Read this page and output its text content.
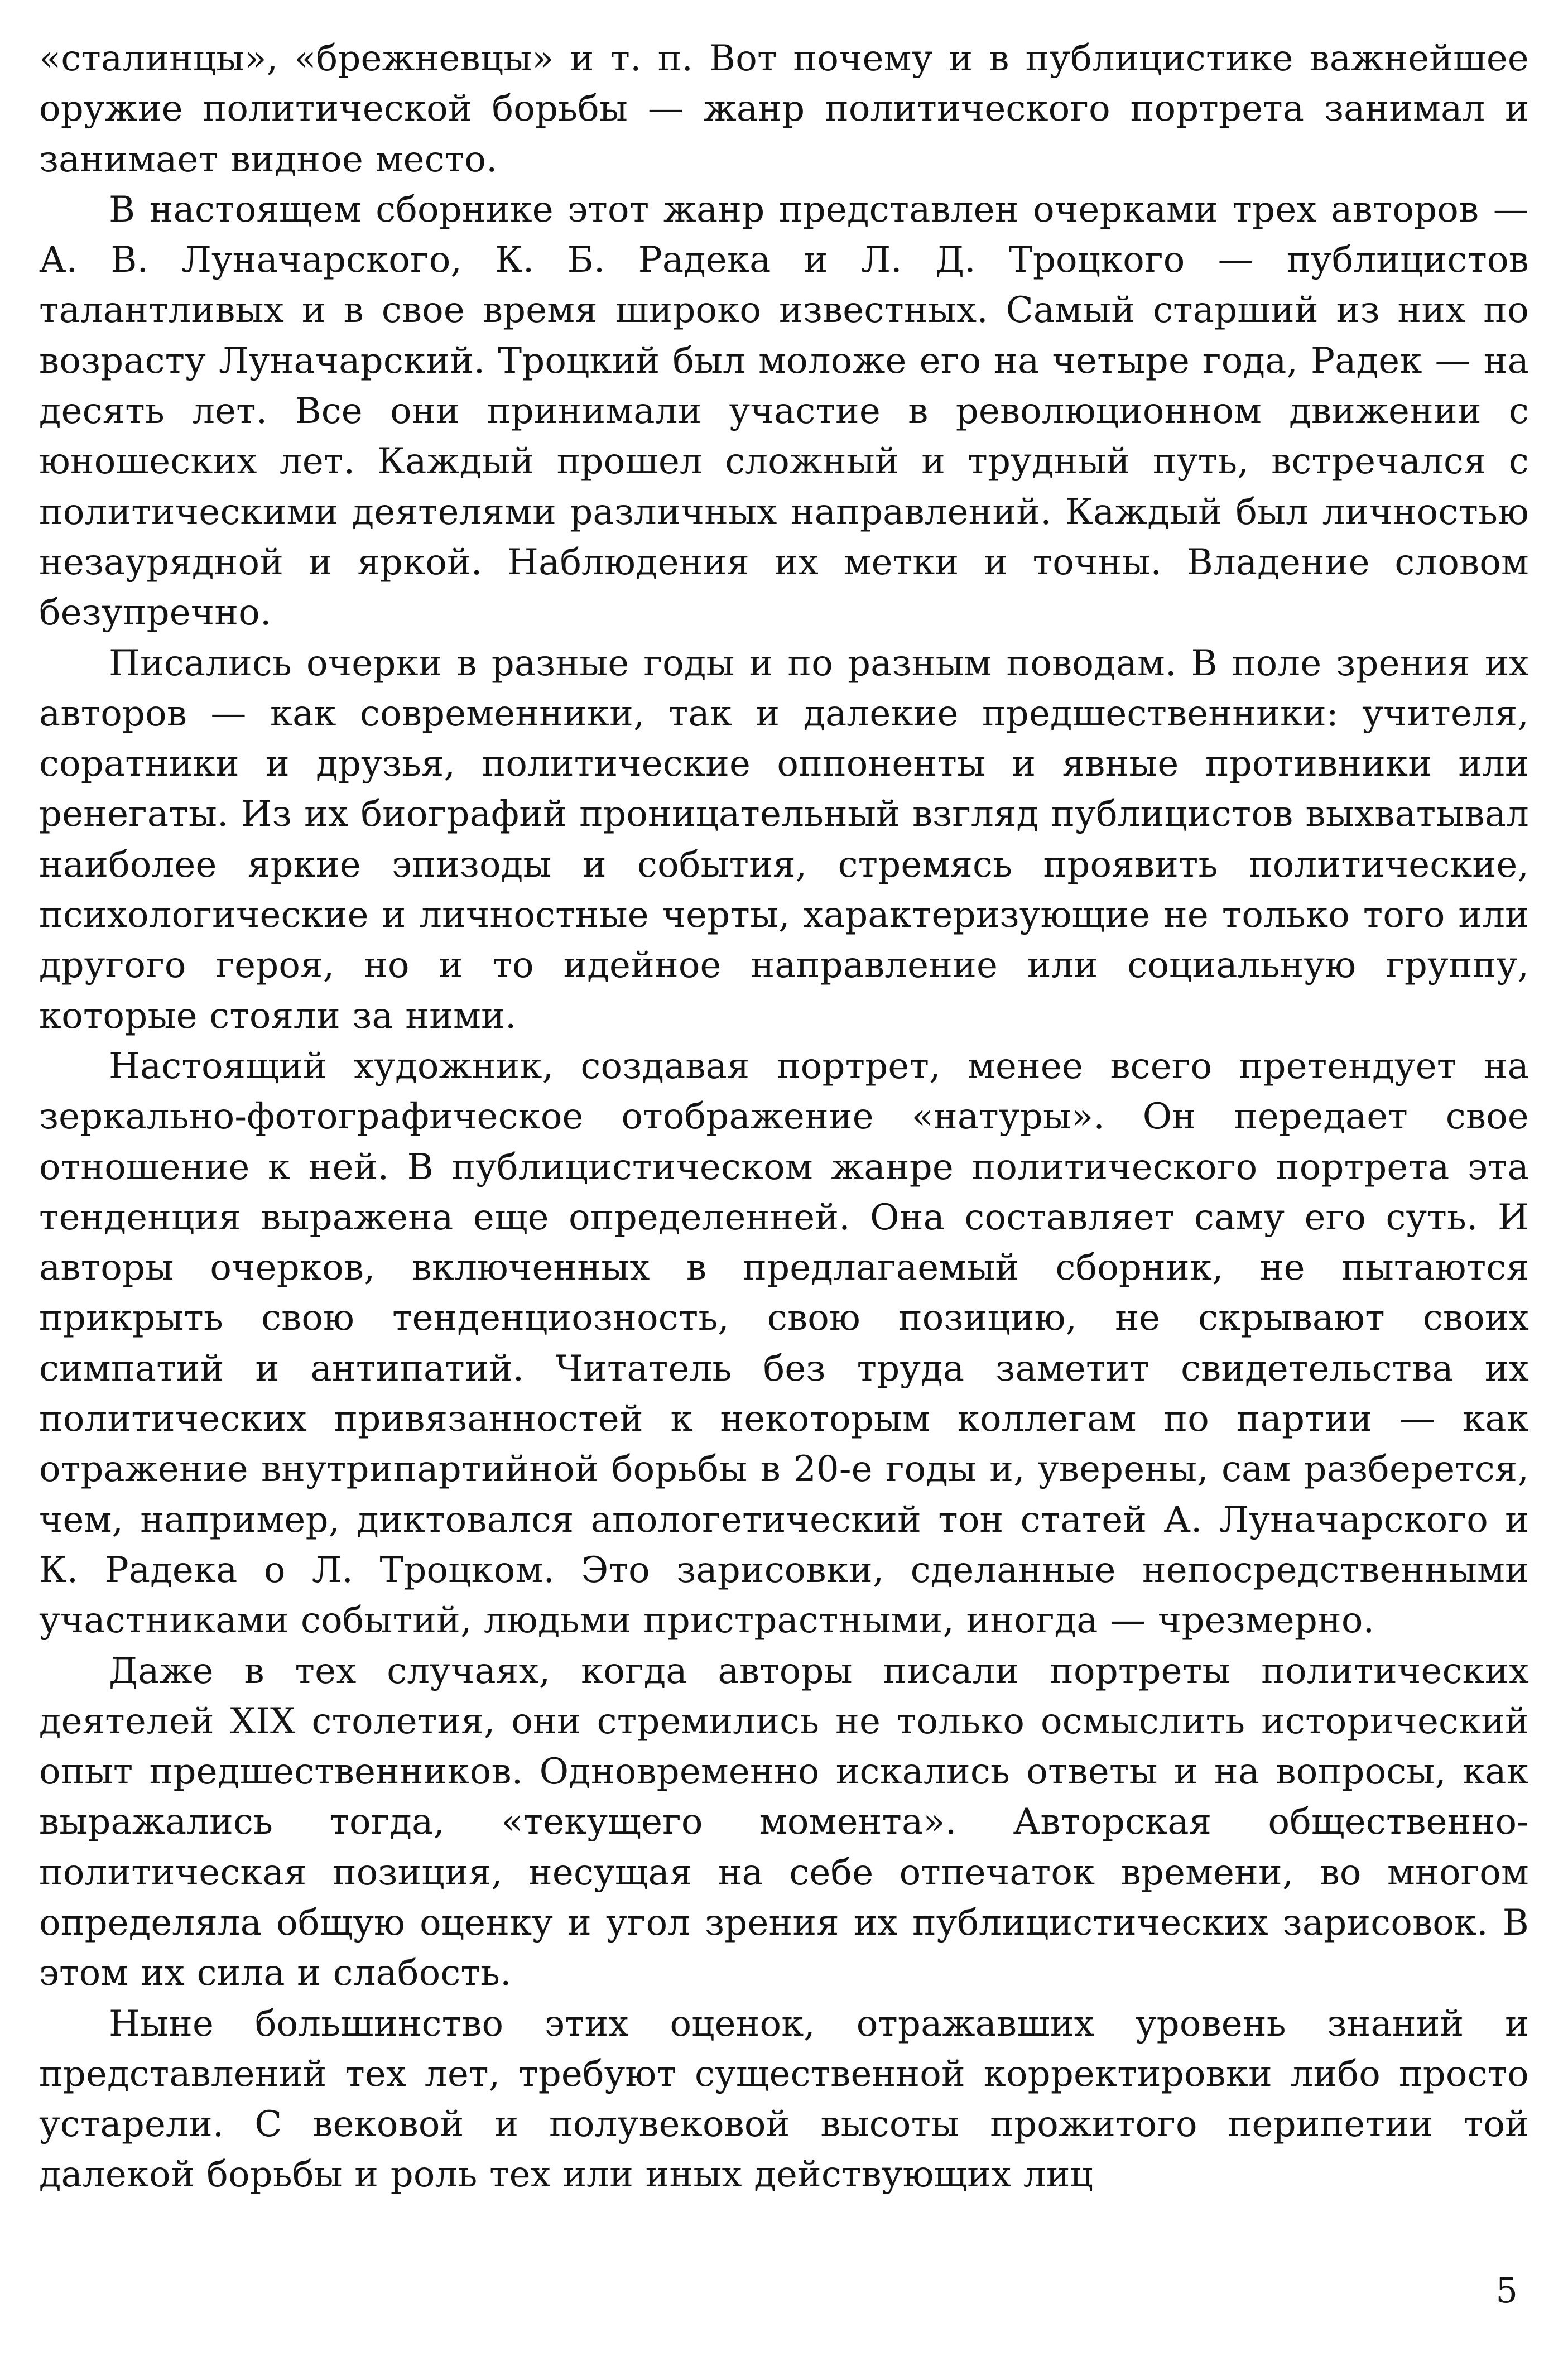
«сталинцы», «брежневцы» и т. п. Вот почему и в публицистике важнейшее оружие политической борьбы — жанр политического портрета занимал и занимает видное место.

В настоящем сборнике этот жанр представлен очерками трех авторов — А. В. Луначарского, К. Б. Радека и Л. Д. Троцкого — публицистов талантливых и в свое время широко известных. Самый старший из них по возрасту Луначарский. Троцкий был моложе его на четыре года, Радек — на десять лет. Все они принимали участие в революционном движении с юношеских лет. Каждый прошел сложный и трудный путь, встречался с политическими деятелями различных направлений. Каждый был личностью незаурядной и яркой. Наблюдения их метки и точны. Владение словом безупречно.

Писались очерки в разные годы и по разным поводам. В поле зрения их авторов — как современники, так и далекие предшественники: учителя, соратники и друзья, политические оппоненты и явные противники или ренегаты. Из их биографий проницательный взгляд публицистов выхватывал наиболее яркие эпизоды и события, стремясь проявить политические, психологические и личностные черты, характеризующие не только того или другого героя, но и то идейное направление или социальную группу, которые стояли за ними.

Настоящий художник, создавая портрет, менее всего претендует на зеркально-фотографическое отображение «натуры». Он передает свое отношение к ней. В публицистическом жанре политического портрета эта тенденция выражена еще определенней. Она составляет саму его суть. И авторы очерков, включенных в предлагаемый сборник, не пытаются прикрыть свою тенденциозность, свою позицию, не скрывают своих симпатий и антипатий. Читатель без труда заметит свидетельства их политических привязанностей к некоторым коллегам по партии — как отражение внутрипартийной борьбы в 20-е годы и, уверены, сам разберется, чем, например, диктовался апологетический тон статей А. Луначарского и К. Радека о Л. Троцком. Это зарисовки, сделанные непосредственными участниками событий, людьми пристрастными, иногда — чрезмерно.

Даже в тех случаях, когда авторы писали портреты политических деятелей XIX столетия, они стремились не только осмыслить исторический опыт предшественников. Одновременно искались ответы и на вопросы, как выражались тогда, «текущего момента». Авторская общественно-политическая позиция, несущая на себе отпечаток времени, во многом определяла общую оценку и угол зрения их публицистических зарисовок. В этом их сила и слабость.

Ныне большинство этих оценок, отражавших уровень знаний и представлений тех лет, требуют существенной корректировки либо просто устарели. С вековой и полувековой высоты прожитого перипетии той далекой борьбы и роль тех или иных действующих лиц

5
